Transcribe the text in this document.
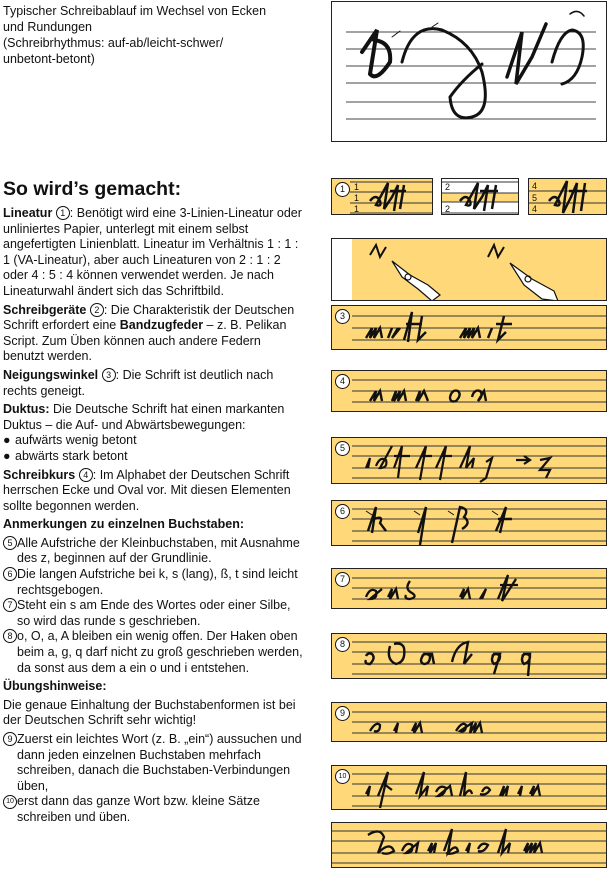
Typischer Schreibablauf im Wechsel von Ecken
und Rundungen
(Schreibrhythmus: auf-ab/leicht-schwer/
unbetont-betont)
So wird’s gemacht:

Lineatur 1 : Benötigt wird eine 3-Linien-Lineatur oder unliniertes Papier, unterlegt mit einem selbst angefertigten Linienblatt. Lineatur im Verhältnis 1 : 1 : 1 (VA-Lineatur), aber auch Lineaturen von 2 : 1 : 2 oder 4 : 5 : 4 können verwendet werden. Je nach Lineaturwahl ändert sich das Schriftbild.

Schreibgeräte 2 : Die Charakteristik der Deutschen Schrift erfordert eine Bandzugfeder – z. B. Pelikan Script. Zum Üben können auch andere Federn benutzt werden.

Neigungswinkel 3 : Die Schrift ist deutlich nach rechts geneigt.

Duktus: Die Deutsche Schrift hat einen markanten Duktus – die Auf- und Abwärtsbewegungen:
● aufwärts wenig betont
● abwärts stark betont

Schreibkurs 4 : Im Alphabet der Deutschen Schrift herrschen Ecke und Oval vor. Mit diesen Elementen sollte begonnen werden.

Anmerkungen zu einzelnen Buchstaben:

5 Alle Aufstriche der Kleinbuchstaben, mit Ausnahme des z, beginnen auf der Grundlinie.
6 Die langen Aufstriche bei k, s (lang), ß, t sind leicht rechtsgebogen.
7 Steht ein s am Ende des Wortes oder einer Silbe, so wird das runde s geschrieben.
8 o, O, a, A bleiben ein wenig offen. Der Haken oben beim a, g, q darf nicht zu groß geschrieben werden, da sonst aus dem a ein o und i entstehen.

Übungshinweise:

Die genaue Einhaltung der Buchstabenformen ist bei der Deutschen Schrift sehr wichtig!

9 Zuerst ein leichtes Wort (z. B. „ein“) aussuchen und dann jeden einzelnen Buchstaben mehrfach schreiben, danach die Buchstaben-Verbindungen üben,
10 erst dann das ganze Wort bzw. kleine Sätze schreiben und üben.
1	1
1
1
2
2
4
5
4
3
4
5
6
7
8
9
10
